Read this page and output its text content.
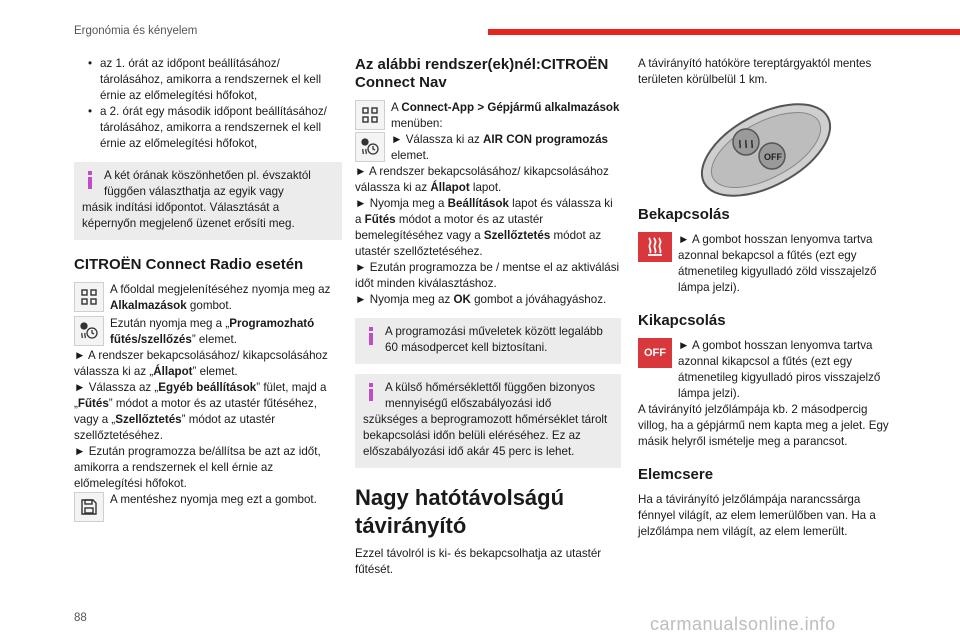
Ergonómia és kényelem
• az 1. órát az időpont beállításához/ tárolásához, amikorra a rendszernek el kell érnie az előmelegítési hőfokot,
• a 2. órát egy második időpont beállításához/ tárolásához, amikorra a rendszernek el kell érnie az előmelegítési hőfokot,
A két órának köszönhetően pl. évszaktól függően választhatja az egyik vagy
másik indítási időpontot. Választását a képernyőn megjelenő üzenet erősíti meg.
CITROËN Connect Radio esetén

A főoldal megjelenítéséhez nyomja meg az Alkalmazások gombot.

Ezután nyomja meg a „Programozható fűtés/szellőzés” elemet.

► A rendszer bekapcsolásához/ kikapcsolásához válassza ki az „Állapot” elemet.

► Válassza az „Egyéb beállítások” fület, majd a „Fűtés” módot a motor és az utastér fűtéséhez, vagy a „Szellőztetés” módot az utastér szellőztetéséhez.

► Ezután programozza be/állítsa be azt az időt, amikorra a rendszernek el kell érnie az előmelegítési hőfokot.

A mentéshez nyomja meg ezt a gombot.

Az alábbi rendszer(ek)nél:CITROËN Connect Nav

A Connect-App > Gépjármű alkalmazások menüben:

► Válassza ki az AIR CON programozás elemet.

► A rendszer bekapcsolásához/ kikapcsolásához válassza ki az Állapot lapot.

► Nyomja meg a Beállítások lapot és válassza ki a Fűtés módot a motor és az utastér bemelegítéséhez vagy a Szellőztetés módot az utastér szellőztetéséhez.

► Ezután programozza be / mentse el az aktiválási időt minden kiválasztáshoz.

► Nyomja meg az OK gombot a jóváhagyáshoz.

A programozási műveletek között legalább 60 másodpercet kell biztosítani.
A külső hőmérséklettől függően bizonyos mennyiségű előszabályozási idő
szükséges a beprogramozott hőmérséklet tárolt bekapcsolási időn belüli eléréséhez. Ez az előszabályozási idő akár 45 perc is lehet.
Nagy hatótávolságú távirányító

Ezzel távolról is ki- és bekapcsolhatja az utastér fűtését.

A távirányító hatóköre tereptárgyaktól mentes területen körülbelül 1 km.

OFF
Bekapcsolás

► A gombot hosszan lenyomva tartva azonnal bekapcsol a fűtés (ezt egy átmenetileg kigyulladó zöld visszajelző lámpa jelzi).

Kikapcsolás
OFF

► A gombot hosszan lenyomva tartva azonnal kikapcsol a fűtés (ezt egy átmenetileg kigyulladó piros visszajelző lámpa jelzi).

A távirányító jelzőlámpája kb. 2 másodpercig villog, ha a gépjármű nem kapta meg a jelet. Egy másik helyről ismételje meg a parancsot.

Elemcsere

Ha a távirányító jelzőlámpája narancssárga fénnyel világít, az elem lemerülőben van. Ha a jelzőlámpa nem világít, az elem lemerült.

88	carmanualsonline.info
